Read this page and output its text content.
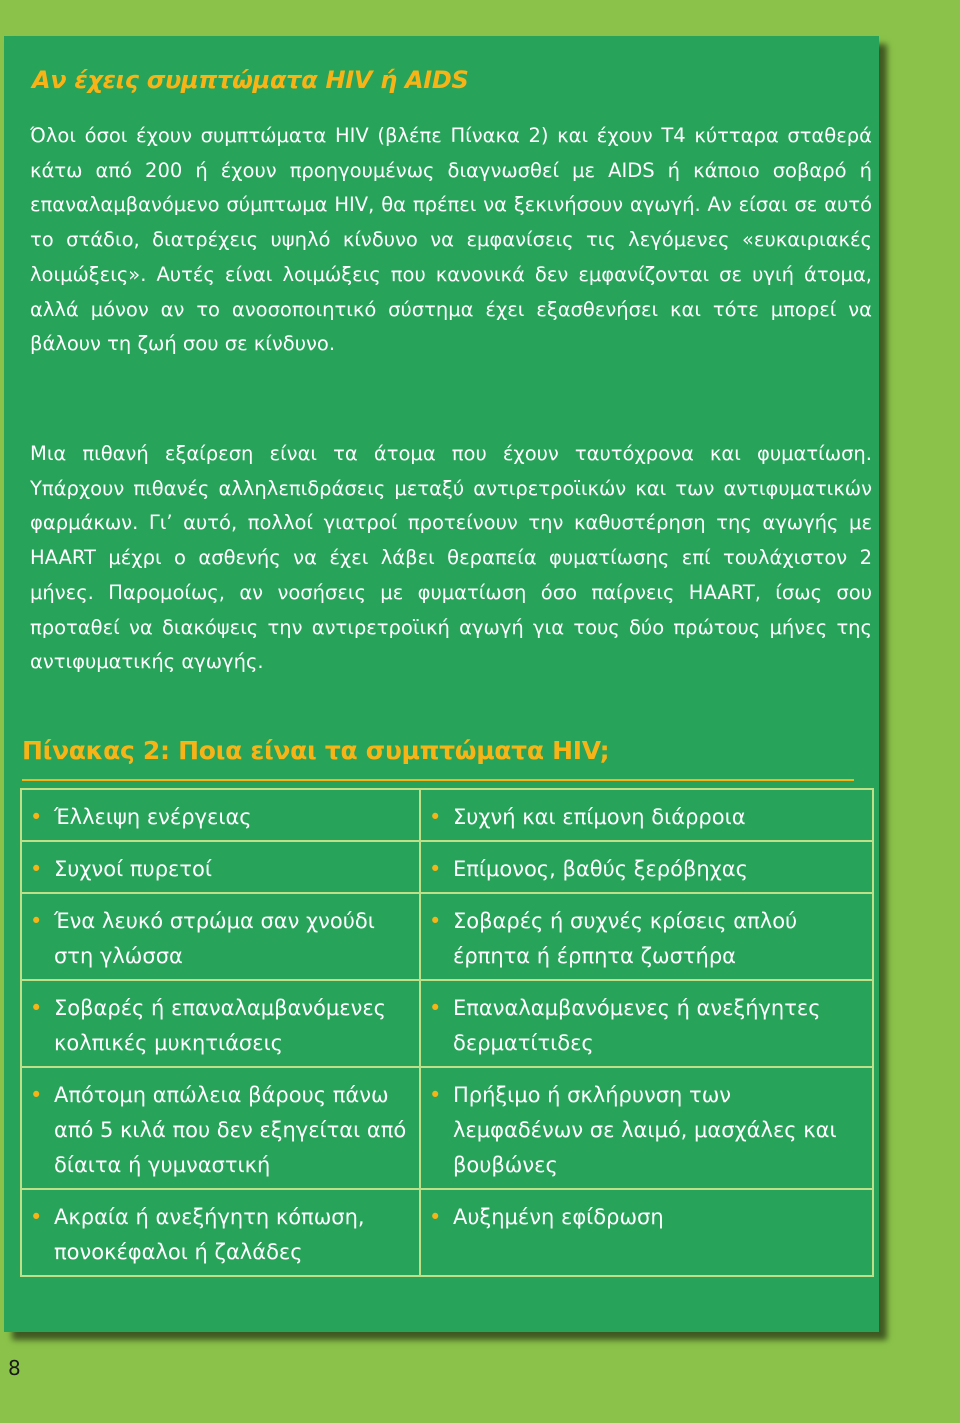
Αν έχεις συμπτώματα HIV ή AIDS

Όλοι όσοι έχουν συμπτώματα HIV (βλέπε Πίνακα 2) και έχουν T4 κύτταρα σταθερά κάτω από 200 ή έχουν προηγουμένως διαγνωσθεί με AIDS ή κάποιο σοβαρό ή επαναλαμβανόμενο σύμπτωμα HIV, θα πρέπει να ξεκινήσουν αγωγή. Αν είσαι σε αυτό το στάδιο, διατρέχεις υψηλό κίνδυνο να εμφανίσεις τις λεγόμενες «ευκαιριακές λοιμώξεις». Αυτές είναι λοιμώξεις που κανονικά δεν εμφανίζονται σε υγιή άτομα, αλλά μόνον αν το ανοσοποιητικό σύστημα έχει εξασθενήσει και τότε μπορεί να βάλουν τη ζωή σου σε κίνδυνο.

Μια πιθανή εξαίρεση είναι τα άτομα που έχουν ταυτόχρονα και φυματίωση. Υπάρχουν πιθανές αλληλεπιδράσεις μεταξύ αντιρετροϊικών και των αντιφυματικών φαρμάκων. Γι’ αυτό, πολλοί γιατροί προτείνουν την καθυστέρηση της αγωγής με HAART μέχρι ο ασθενής να έχει λάβει θεραπεία φυματίωσης επί τουλάχιστον 2 μήνες. Παρομοίως, αν νοσήσεις με φυματίωση όσο παίρνεις HAART, ίσως σου προταθεί να διακόψεις την αντιρετροϊική αγωγή για τους δύο πρώτους μήνες της αντιφυματικής αγωγής.

Πίνακας 2: Ποια είναι τα συμπτώματα HIV;
• Έλλειψη ενέργειας	• Συχνή και επίμονη διάρροια

• Συχνοί πυρετοί	• Επίμονος, βαθύς ξερόβηχας

• Ένα λευκό στρώμα σαν χνούδι στη γλώσσα	• Σοβαρές ή συχνές κρίσεις απλού έρπητα ή έρπητα ζωστήρα

• Σοβαρές ή επαναλαμβανόμενες κολπικές μυκητιάσεις	• Επαναλαμβανόμενες ή ανεξήγητες δερματίτιδες

• Απότομη απώλεια βάρους πάνω από 5 κιλά που δεν εξηγείται από δίαιτα ή γυμναστική	• Πρήξιμο ή σκλήρυνση των λεμφαδένων σε λαιμό, μασχάλες και βουβώνες

• Ακραία ή ανεξήγητη κόπωση, πονοκέφαλοι ή ζαλάδες	• Αυξημένη εφίδρωση

8
